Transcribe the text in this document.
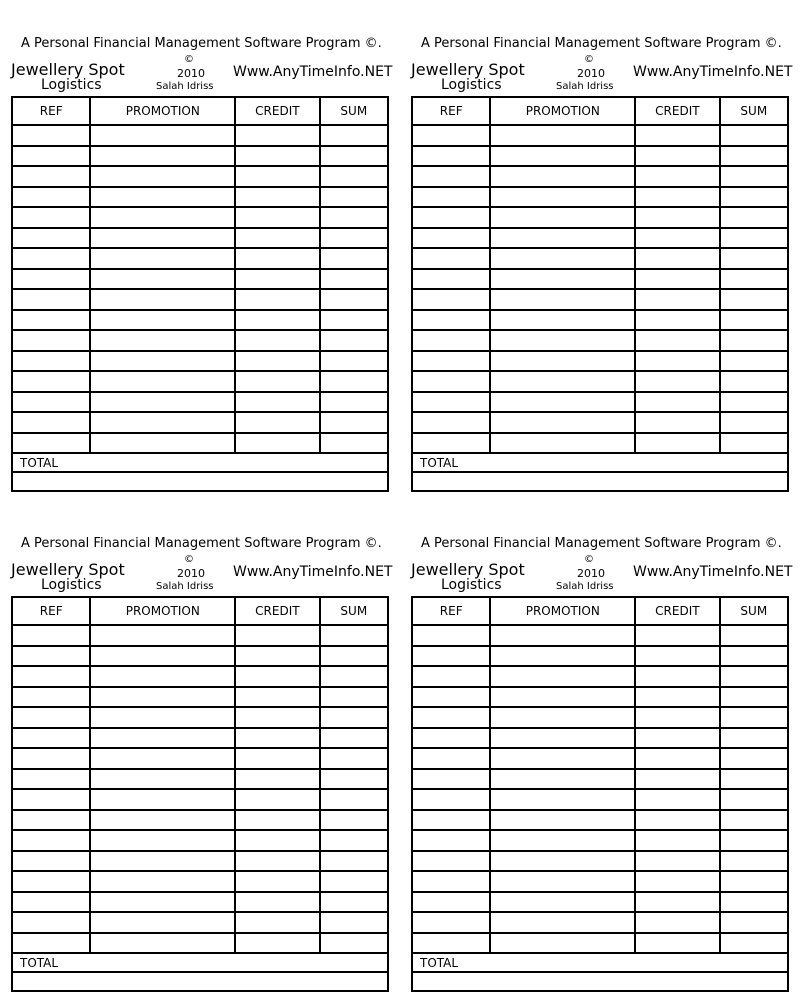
A Personal Financial Management Software Program ©.
Jewellery Spot
Logistics
©
2010
Salah Idriss
Www.AnyTimeInfo.NET
REF	PROMOTION	CREDIT	SUM

TOTAL			

A Personal Financial Management Software Program ©.
Jewellery Spot
Logistics
©
2010
Salah Idriss
Www.AnyTimeInfo.NET
REF	PROMOTION	CREDIT	SUM

TOTAL			

A Personal Financial Management Software Program ©.
Jewellery Spot
Logistics
©
2010
Salah Idriss
Www.AnyTimeInfo.NET
REF	PROMOTION	CREDIT	SUM

TOTAL			

A Personal Financial Management Software Program ©.
Jewellery Spot
Logistics
©
2010
Salah Idriss
Www.AnyTimeInfo.NET
REF	PROMOTION	CREDIT	SUM

TOTAL			
